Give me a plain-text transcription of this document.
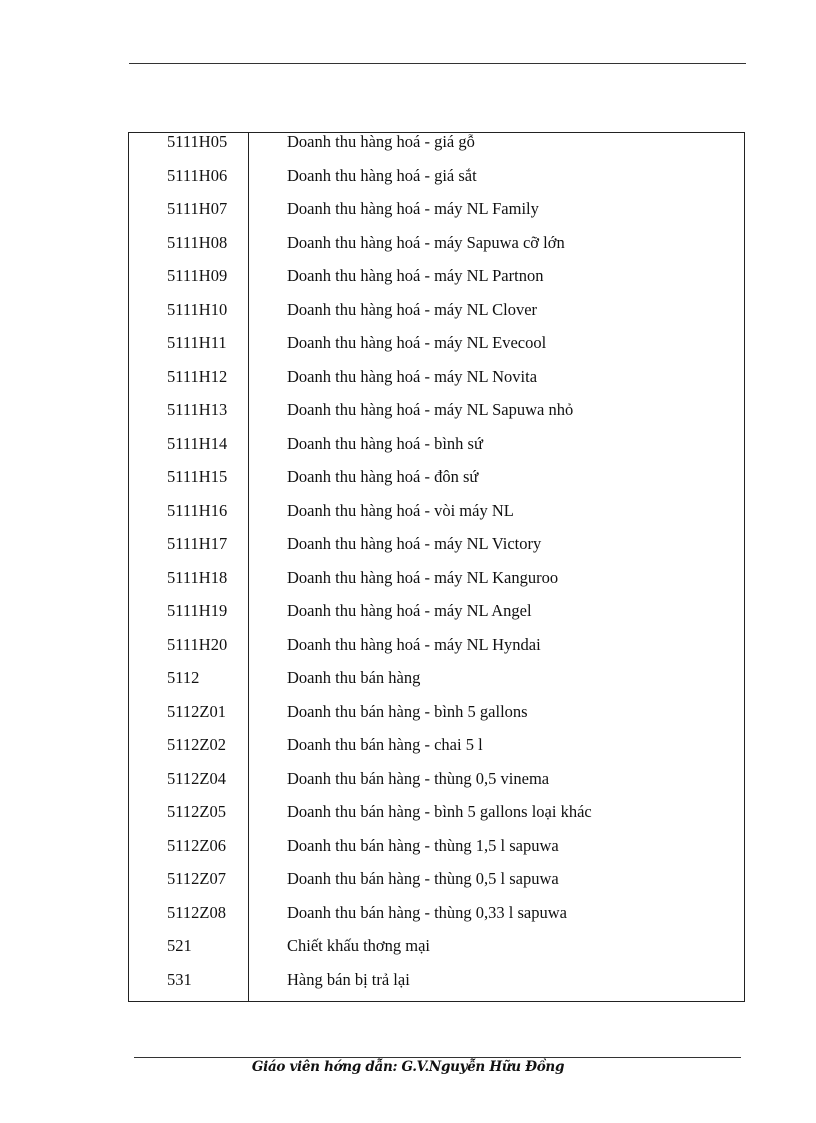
5111H05	Doanh thu hàng hoá - giá gỗ
5111H06	Doanh thu hàng hoá - giá sắt
5111H07	Doanh thu hàng hoá - máy NL Family
5111H08	Doanh thu hàng hoá - máy Sapuwa cỡ lớn
5111H09	Doanh thu hàng hoá - máy NL Partnon
5111H10	Doanh thu hàng hoá - máy NL Clover
5111H11	Doanh thu hàng hoá - máy NL Evecool
5111H12	Doanh thu hàng hoá - máy NL Novita
5111H13	Doanh thu hàng hoá - máy NL Sapuwa nhỏ
5111H14	Doanh thu hàng hoá - bình sứ
5111H15	Doanh thu hàng hoá - đôn sứ
5111H16	Doanh thu hàng hoá - vòi máy NL
5111H17	Doanh thu hàng hoá - máy NL Victory
5111H18	Doanh thu hàng hoá - máy NL Kanguroo
5111H19	Doanh thu hàng hoá - máy NL Angel
5111H20	Doanh thu hàng hoá - máy NL Hyndai
5112	Doanh thu bán hàng
5112Z01	Doanh thu bán hàng - bình 5 gallons
5112Z02	Doanh thu bán hàng - chai 5 l
5112Z04	Doanh thu bán hàng - thùng 0,5 vinema
5112Z05	Doanh thu bán hàng - bình 5 gallons loại khác
5112Z06	Doanh thu bán hàng - thùng 1,5 l sapuwa
5112Z07	Doanh thu bán hàng - thùng 0,5 l sapuwa
5112Z08	Doanh thu bán hàng - thùng 0,33 l sapuwa
521	Chiết khấu thơng mại
531	Hàng bán bị trả lại
Giáo viên hớng dẫn: G.V.Nguyễn Hữu Đồng
